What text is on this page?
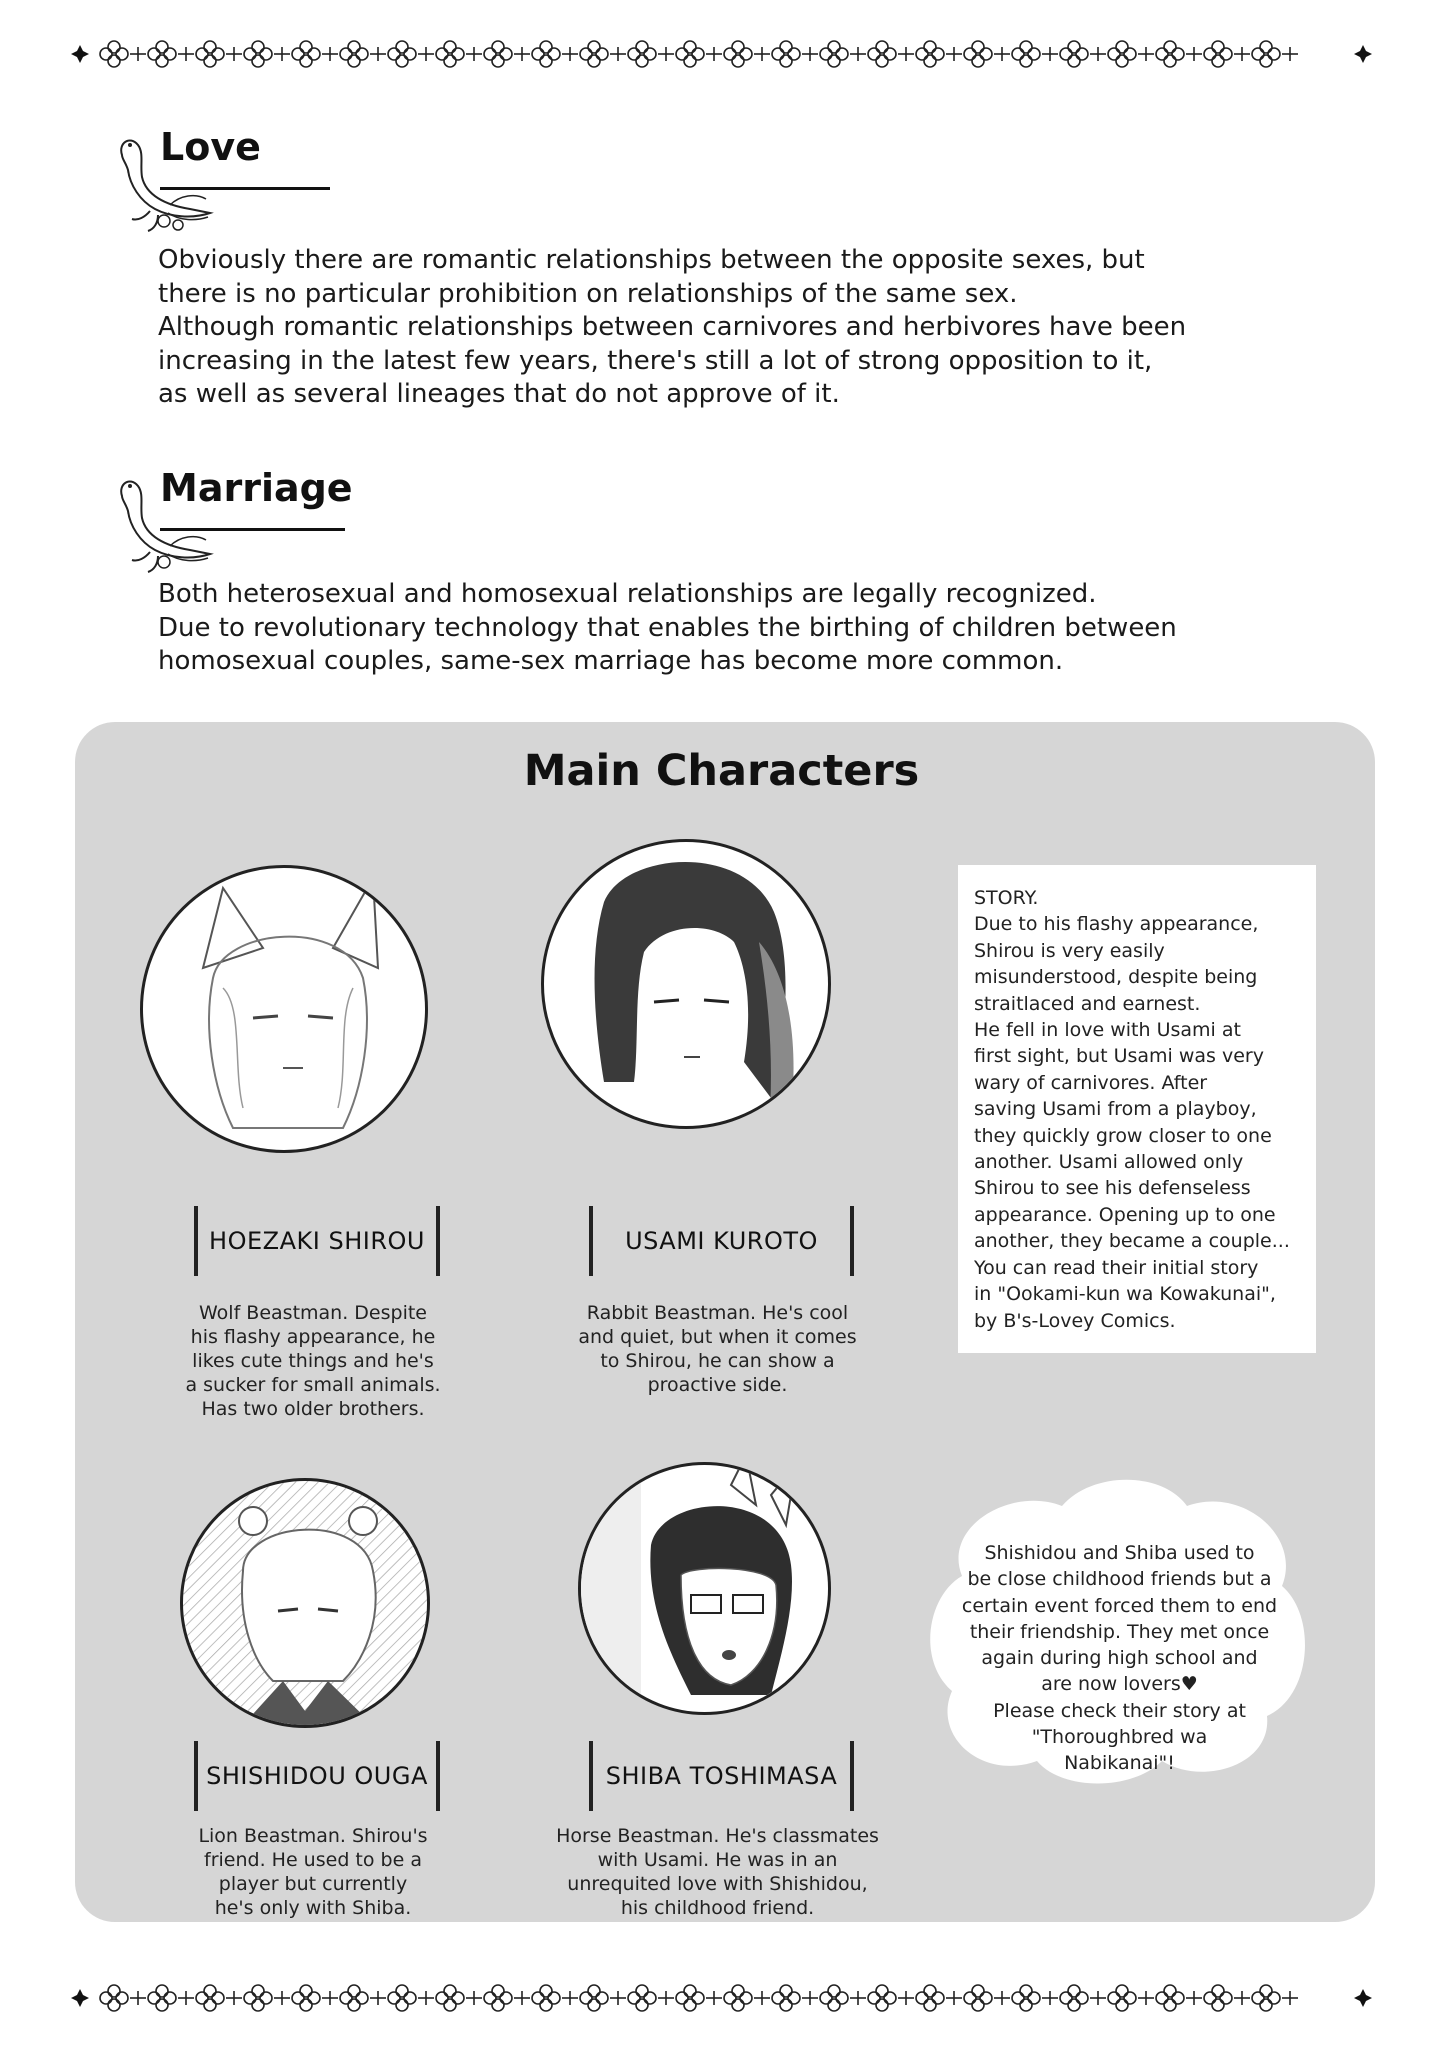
Love

Obviously there are romantic relationships between the opposite sexes, but

there is no particular prohibition on relationships of the same sex.

Although romantic relationships between carnivores and herbivores have been

increasing in the latest few years, there's still a lot of strong opposition to it,

as well as several lineages that do not approve of it.

Marriage

Both heterosexual and homosexual relationships are legally recognized.

Due to revolutionary technology that enables the birthing of children between

homosexual couples, same-sex marriage has become more common.

Main Characters
HOEZAKI SHIROU	USAMI KUROTO
SHISHIDOU OUGA	SHIBA TOSHIMASA
Wolf Beastman. Despite
his flashy appearance, he
likes cute things and he's
a sucker for small animals.
Has two older brothers.
Rabbit Beastman. He's cool
and quiet, but when it comes
to Shirou, he can show a
proactive side.
Lion Beastman. Shirou's
friend. He used to be a
player but currently
he's only with Shiba.
Horse Beastman. He's classmates
with Usami. He was in an
unrequited love with Shishidou,
his childhood friend.
STORY.
Due to his flashy appearance,
Shirou is very easily
misunderstood, despite being
straitlaced and earnest.
He fell in love with Usami at
first sight, but Usami was very
wary of carnivores. After
saving Usami from a playboy,
they quickly grow closer to one
another. Usami allowed only
Shirou to see his defenseless
appearance. Opening up to one
another, they became a couple...
You can read their initial story
in "Ookami-kun wa Kowakunai",
by B's-Lovey Comics.
Shishidou and Shiba used to
be close childhood friends but a
certain event forced them to end
their friendship. They met once
again during high school and
are now lovers♥
Please check their story at
"Thoroughbred wa
Nabikanai"!
